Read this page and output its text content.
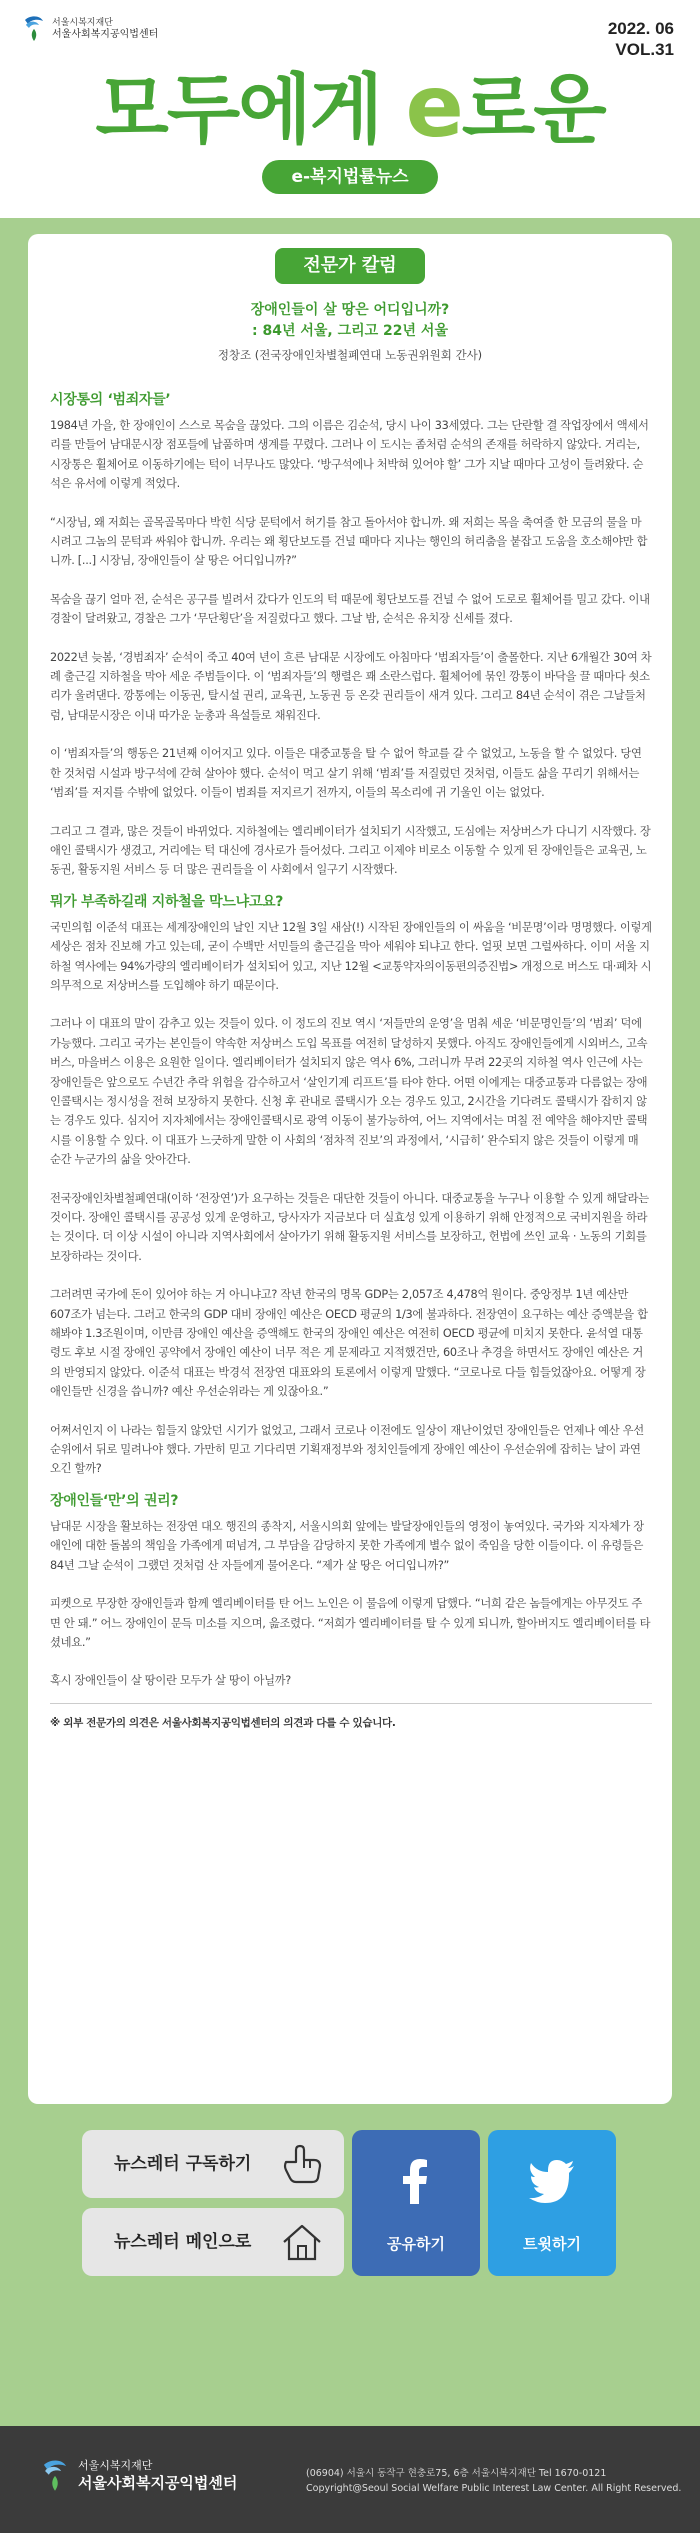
서울시복지재단
서울사회복지공익법센터	2022. 06
VOL.31
모두에게 e로운
e-복지법률뉴스
전문가 칼럼
장애인들이 살 땅은 어디입니까?
: 84년 서울, 그리고 22년 서울
정창조 (전국장애인차별철폐연대 노동권위원회 간사)
시장통의 ‘범죄자들’

1984년 가을, 한 장애인이 스스로 목숨을 끊었다. 그의 이름은 김순석, 당시 나이 33세였다. 그는 단란할 결 작업장에서 액세서리를 만들어 남대문시장 점포들에 납품하며 생계를 꾸렸다. 그러나 이 도시는 좀처럼 순석의 존재를 허락하지 않았다. 거리는, 시장통은 휠체어로 이동하기에는 턱이 너무나도 많았다. ‘방구석에나 처박혀 있어야 할’ 그가 지날 때마다 고성이 들려왔다. 순석은 유서에 이렇게 적었다.

“시장님, 왜 저희는 골목골목마다 박힌 식당 문턱에서 허기를 참고 돌아서야 합니까. 왜 저희는 목을 축여줄 한 모금의 물을 마시려고 그놈의 문턱과 싸워야 합니까. 우리는 왜 횡단보도를 건널 때마다 지나는 행인의 허리춤을 붙잡고 도움을 호소해야만 합니까. [...] 시장님, 장애인들이 살 땅은 어디입니까?”

목숨을 끊기 얼마 전, 순석은 공구를 빌려서 갔다가 인도의 턱 때문에 횡단보도를 건널 수 없어 도로로 휠체어를 밀고 갔다. 이내 경찰이 달려왔고, 경찰은 그가 ‘무단횡단’을 저질렀다고 했다. 그날 밤, 순석은 유치장 신세를 졌다.

2022년 늦봄, ‘경범죄자’ 순석이 죽고 40여 년이 흐른 남대문 시장에도 아침마다 ‘범죄자들’이 출몰한다. 지난 6개월간 30여 차례 출근길 지하철을 막아 세운 주범들이다. 이 ‘범죄자들’의 행렬은 꽤 소란스럽다. 휠체어에 묶인 깡통이 바닥을 끌 때마다 쇳소리가 울려댄다. 깡통에는 이동권, 탈시설 권리, 교육권, 노동권 등 온갖 권리들이 새겨 있다. 그리고 84년 순석이 겪은 그날들처럼, 남대문시장은 이내 따가운 눈총과 욕설들로 채워진다.

이 ‘범죄자들’의 행동은 21년째 이어지고 있다. 이들은 대중교통을 탈 수 없어 학교를 갈 수 없었고, 노동을 할 수 없었다. 당연한 것처럼 시설과 방구석에 갇혀 살아야 했다. 순석이 먹고 살기 위해 ‘범죄’를 저질렀던 것처럼, 이들도 삶을 꾸리기 위해서는 ‘범죄’를 저지를 수밖에 없었다. 이들이 범죄를 저지르기 전까지, 이들의 목소리에 귀 기울인 이는 없었다.

그리고 그 결과, 많은 것들이 바뀌었다. 지하철에는 엘리베이터가 설치되기 시작했고, 도심에는 저상버스가 다니기 시작했다. 장애인 콜택시가 생겼고, 거리에는 턱 대신에 경사로가 들어섰다. 그리고 이제야 비로소 이동할 수 있게 된 장애인들은 교육권, 노동권, 활동지원 서비스 등 더 많은 권리들을 이 사회에서 일구기 시작했다.

뭐가 부족하길래 지하철을 막느냐고요?

국민의힘 이준석 대표는 세계장애인의 날인 지난 12월 3일 새삼(!) 시작된 장애인들의 이 싸움을 ‘비문명’이라 명명했다. 이렇게 세상은 점차 진보해 가고 있는데, 굳이 수백만 서민들의 출근길을 막아 세워야 되냐고 한다. 얼핏 보면 그럴싸하다. 이미 서울 지하철 역사에는 94%가량의 엘리베이터가 설치되어 있고, 지난 12월 <교통약자의이동편의증진법> 개정으로 버스도 대·폐차 시 의무적으로 저상버스를 도입해야 하기 때문이다.

그러나 이 대표의 말이 감추고 있는 것들이 있다. 이 정도의 진보 역시 ‘저들만의 운영’을 멈춰 세운 ‘비문명인들’의 ‘범죄’ 덕에 가능했다. 그리고 국가는 본인들이 약속한 저상버스 도입 목표를 여전히 달성하지 못했다. 아직도 장애인들에게 시외버스, 고속버스, 마을버스 이용은 요원한 일이다. 엘리베이터가 설치되지 않은 역사 6%, 그러니까 무려 22곳의 지하철 역사 인근에 사는 장애인들은 앞으로도 수년간 추락 위험을 감수하고서 ‘살인기계 리프트’를 타야 한다. 어떤 이에게는 대중교통과 다름없는 장애인콜택시는 정시성을 전혀 보장하지 못한다. 신청 후 관내로 콜택시가 오는 경우도 있고, 2시간을 기다려도 콜택시가 잡히지 않는 경우도 있다. 심지어 지자체에서는 장애인콜택시로 광역 이동이 불가능하여, 어느 지역에서는 며칠 전 예약을 해야지만 콜택시를 이용할 수 있다. 이 대표가 느긋하게 말한 이 사회의 ‘점차적 진보’의 과정에서, ‘시급히’ 완수되지 않은 것들이 이렇게 매 순간 누군가의 삶을 앗아간다.

전국장애인차별철폐연대(이하 ‘전장연’)가 요구하는 것들은 대단한 것들이 아니다. 대중교통을 누구나 이용할 수 있게 해달라는 것이다. 장애인 콜택시를 공공성 있게 운영하고, 당사자가 지금보다 더 실효성 있게 이용하기 위해 안정적으로 국비지원을 하라는 것이다. 더 이상 시설이 아니라 지역사회에서 살아가기 위해 활동지원 서비스를 보장하고, 헌법에 쓰인 교육 · 노동의 기회를 보장하라는 것이다.

그러려면 국가에 돈이 있어야 하는 거 아니냐고? 작년 한국의 명목 GDP는 2,057조 4,478억 원이다. 중앙정부 1년 예산만 607조가 넘는다. 그러고 한국의 GDP 대비 장애인 예산은 OECD 평균의 1/3에 불과하다. 전장연이 요구하는 예산 증액분을 합해봐야 1.3조원이며, 이만큼 장애인 예산을 증액해도 한국의 장애인 예산은 여전히 OECD 평균에 미치지 못한다. 윤석열 대통령도 후보 시절 장애인 공약에서 장애인 예산이 너무 적은 게 문제라고 지적했건만, 60조나 추경을 하면서도 장애인 예산은 거의 반영되지 않았다. 이준석 대표는 박경석 전장연 대표와의 토론에서 이렇게 말했다. “코로나로 다들 힘들었잖아요. 어떻게 장애인들만 신경을 씁니까? 예산 우선순위라는 게 있잖아요.”

어쩌서인지 이 나라는 힘들지 않았던 시기가 없었고, 그래서 코로나 이전에도 일상이 재난이었던 장애인들은 언제나 예산 우선순위에서 뒤로 밀려나야 했다. 가만히 믿고 기다리면 기획재정부와 정치인들에게 장애인 예산이 우선순위에 잡히는 날이 과연 오긴 할까?

장애인들‘만’의 권리?

남대문 시장을 활보하는 전장연 대오 행진의 종착지, 서울시의회 앞에는 발달장애인들의 영정이 놓여있다. 국가와 지자체가 장애인에 대한 돌봄의 책임을 가족에게 떠넘겨, 그 부담을 감당하지 못한 가족에게 별수 없이 죽임을 당한 이들이다. 이 유령들은 84년 그날 순석이 그랬던 것처럼 산 자들에게 물어온다. “제가 살 땅은 어디입니까?”

피켓으로 무장한 장애인들과 함께 엘리베이터를 탄 어느 노인은 이 물음에 이렇게 답했다. “너희 같은 놈들에게는 아무것도 주면 안 돼.” 어느 장애인이 문득 미소를 지으며, 읊조렸다. “저희가 엘리베이터를 탈 수 있게 되니까, 할아버지도 엘리베이터를 타셨네요.”

혹시 장애인들이 살 땅이란 모두가 살 땅이 아닐까?

※ 외부 전문가의 의견은 서울사회복지공익법센터의 의견과 다를 수 있습니다.
뉴스레터 구독하기
뉴스레터 메인으로	공유하기	트윗하기
서울시복지재단
서울사회복지공익법센터
(06904) 서울시 동작구 현충로75, 6층 서울시복지재단 Tel 1670-0121
Copyright@Seoul Social Welfare Public Interest Law Center. All Right Reserved.
